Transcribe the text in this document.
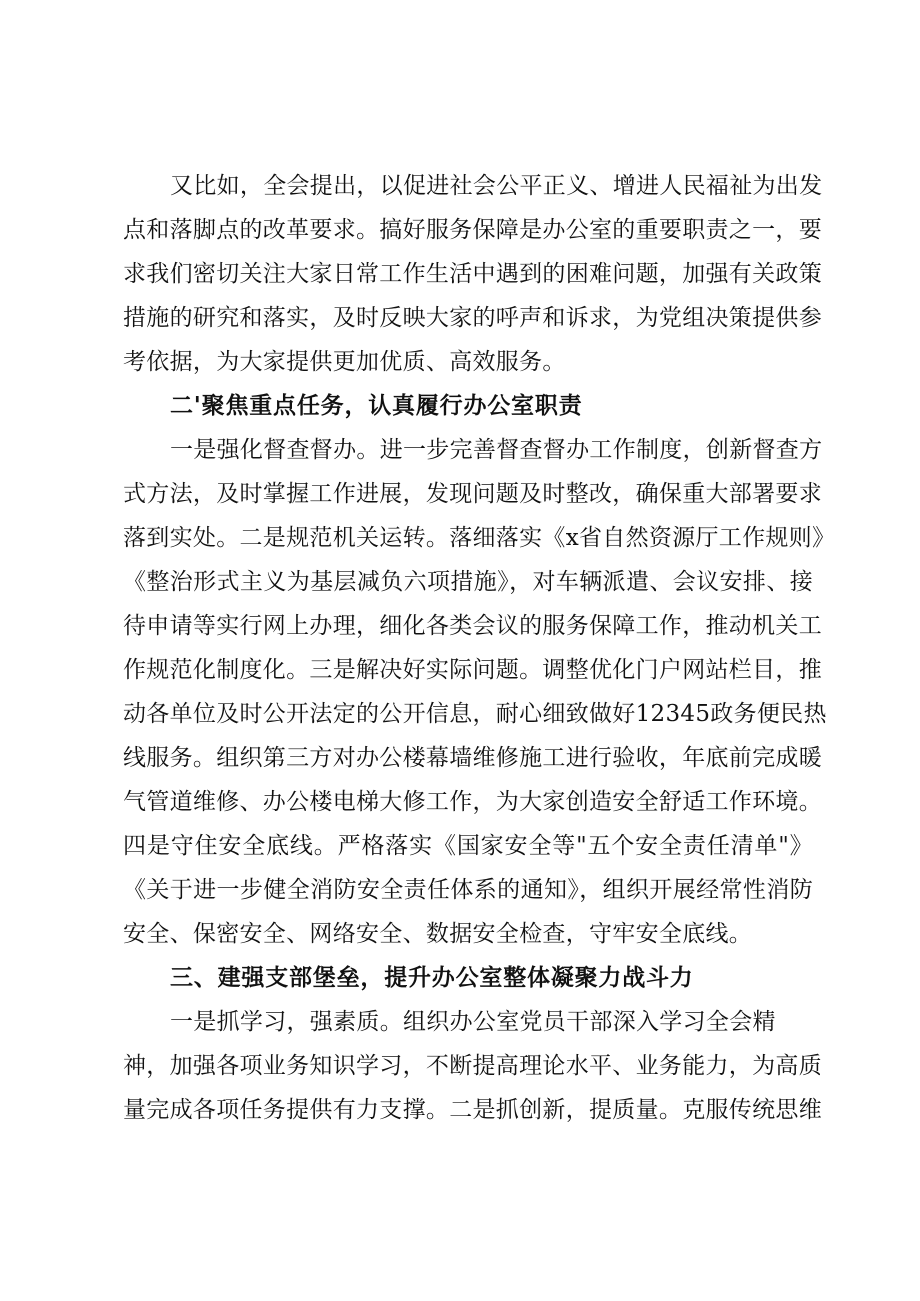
又比如，全会提出，以促进社会公平正义、增进人民福祉为出发
点和落脚点的改革要求。搞好服务保障是办公室的重要职责之一，要
求我们密切关注大家日常工作生活中遇到的困难问题，加强有关政策
措施的研究和落实，及时反映大家的呼声和诉求，为党组决策提供参
考依据，为大家提供更加优质、高效服务。
二'聚焦重点任务，认真履行办公室职责
一是强化督查督办。进一步完善督查督办工作制度，创新督查方
式方法，及时掌握工作进展，发现问题及时整改，确保重大部署要求
落到实处。二是规范机关运转。落细落实《x省自然资源厅工作规则》
《整治形式主义为基层减负六项措施》，对车辆派遣、会议安排、接
待申请等实行网上办理，细化各类会议的服务保障工作，推动机关工
作规范化制度化。三是解决好实际问题。调整优化门户网站栏目，推
动各单位及时公开法定的公开信息，耐心细致做好12345政务便民热
线服务。组织第三方对办公楼幕墙维修施工进行验收，年底前完成暖
气管道维修、办公楼电梯大修工作，为大家创造安全舒适工作环境。
四是守住安全底线。严格落实《国家安全等"五个安全责任清单"》
《关于进一步健全消防安全责任体系的通知》，组织开展经常性消防
安全、保密安全、网络安全、数据安全检查，守牢安全底线。
三、建强支部堡垒，提升办公室整体凝聚力战斗力
一是抓学习，强素质。组织办公室党员干部深入学习全会精
神，加强各项业务知识学习，不断提高理论水平、业务能力，为高质
量完成各项任务提供有力支撑。二是抓创新，提质量。克服传统思维
